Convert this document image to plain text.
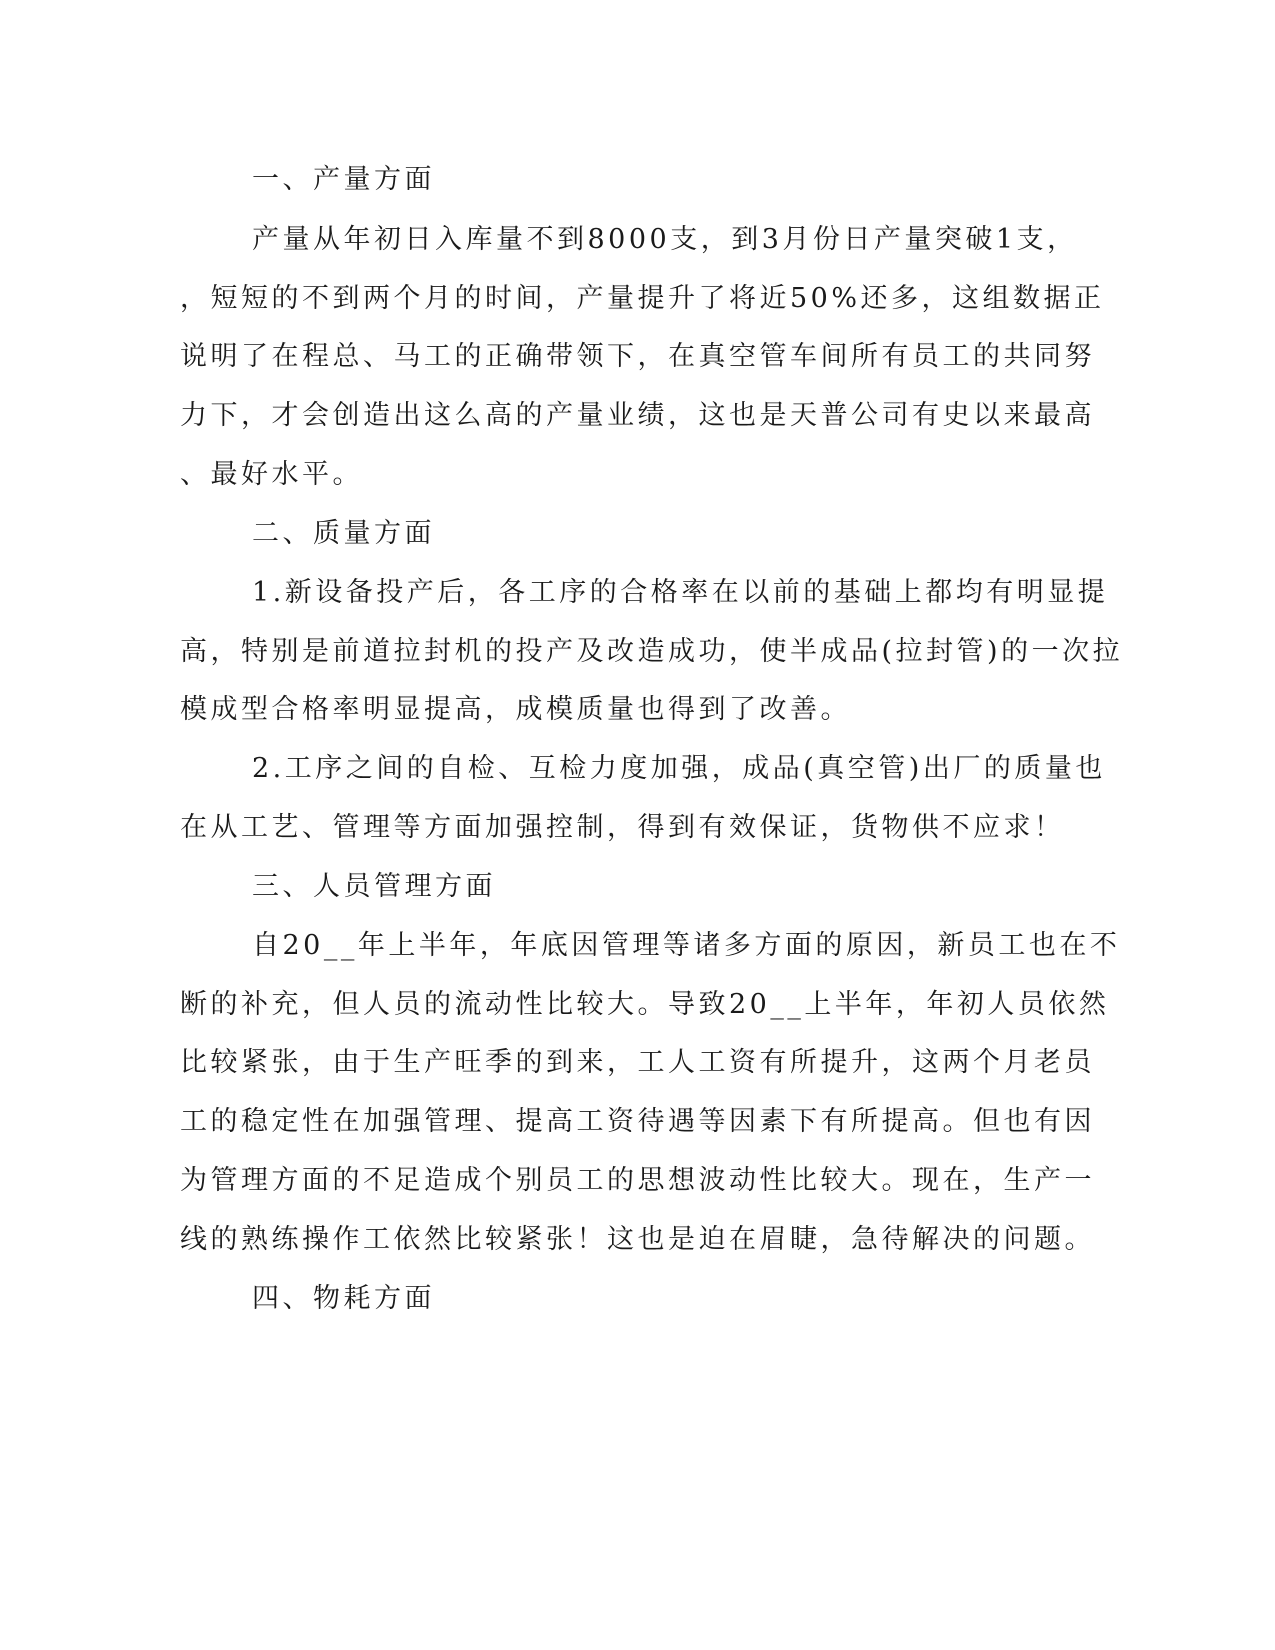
一、产量方面
产量从年初日入库量不到8000支，到3月份日产量突破1支，
，短短的不到两个月的时间，产量提升了将近50%还多，这组数据正
说明了在程总、马工的正确带领下，在真空管车间所有员工的共同努
力下，才会创造出这么高的产量业绩，这也是天普公司有史以来最高
、最好水平。
二、质量方面
1.新设备投产后，各工序的合格率在以前的基础上都均有明显提
高，特别是前道拉封机的投产及改造成功，使半成品(拉封管)的一次拉
模成型合格率明显提高，成模质量也得到了改善。
2.工序之间的自检、互检力度加强，成品(真空管)出厂的质量也
在从工艺、管理等方面加强控制，得到有效保证，货物供不应求！
三、人员管理方面
自20__年上半年，年底因管理等诸多方面的原因，新员工也在不
断的补充，但人员的流动性比较大。导致20__上半年，年初人员依然
比较紧张，由于生产旺季的到来，工人工资有所提升，这两个月老员
工的稳定性在加强管理、提高工资待遇等因素下有所提高。但也有因
为管理方面的不足造成个别员工的思想波动性比较大。现在，生产一
线的熟练操作工依然比较紧张！这也是迫在眉睫，急待解决的问题。
四、物耗方面
